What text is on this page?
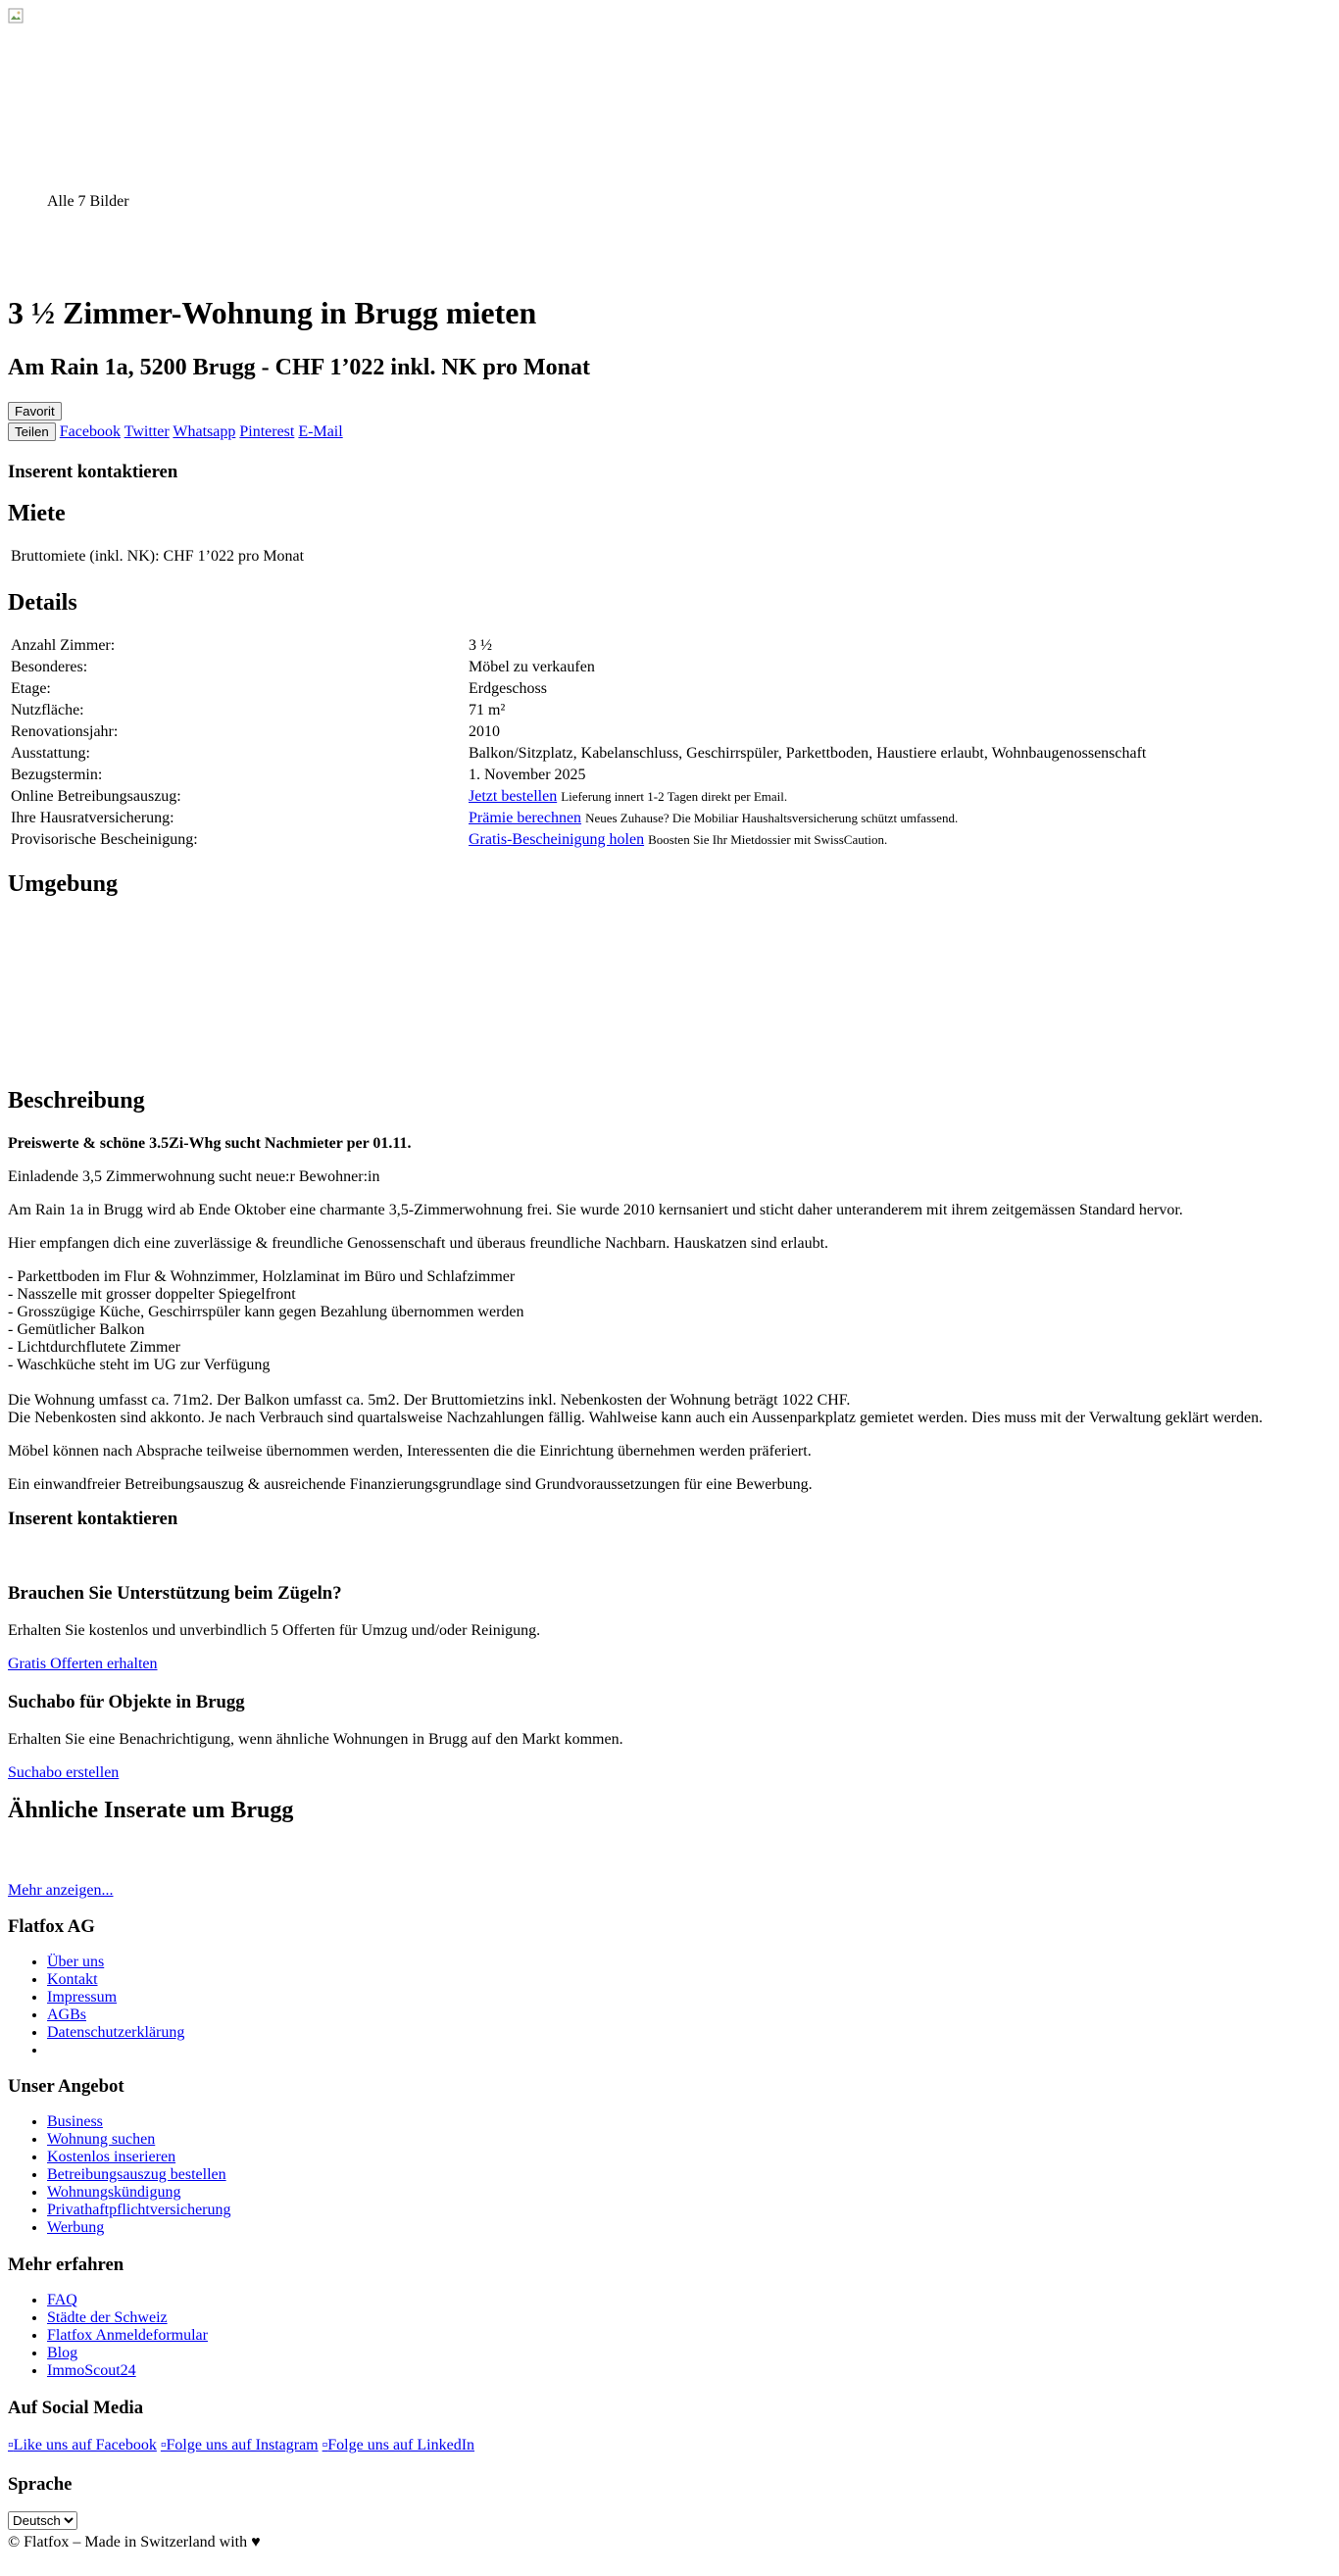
Alle 7 Bilder
3 ½ Zimmer-Wohnung in Brugg mieten
Am Rain 1a, 5200 Brugg - CHF 1’022 inkl. NK pro Monat
Favorit
Teilen Facebook Twitter Whatsapp Pinterest E-Mail
Inserent kontaktieren
Miete
Bruttomiete (inkl. NK):	CHF 1’022 pro Monat
Details
Anzahl Zimmer:	3 ½
Besonderes:	Möbel zu verkaufen
Etage:	Erdgeschoss
Nutzfläche:	71 m²
Renovationsjahr:	2010
Ausstattung:	Balkon/Sitzplatz, Kabelanschluss, Geschirrspüler, Parkettboden, Haustiere erlaubt, Wohnbaugenossenschaft
Bezugstermin:	1. November 2025
Online Betreibungsauszug:	Jetzt bestellen Lieferung innert 1-2 Tagen direkt per Email.
Ihre Hausratversicherung:	Prämie berechnen Neues Zuhause? Die Mobiliar Haushaltsversicherung schützt umfassend.
Provisorische Bescheinigung:	Gratis-Bescheinigung holen Boosten Sie Ihr Mietdossier mit SwissCaution.
Umgebung
Beschreibung

Preiswerte & schöne 3.5Zi-Whg sucht Nachmieter per 01.11.

Einladende 3,5 Zimmerwohnung sucht neue:r Bewohner:in

Am Rain 1a in Brugg wird ab Ende Oktober eine charmante 3,5-Zimmerwohnung frei. Sie wurde 2010 kernsaniert und sticht daher unteranderem mit ihrem zeitgemässen Standard hervor.

Hier empfangen dich eine zuverlässige & freundliche Genossenschaft und überaus freundliche Nachbarn. Hauskatzen sind erlaubt.

- Parkettboden im Flur & Wohnzimmer, Holzlaminat im Büro und Schlafzimmer
- Nasszelle mit grosser doppelter Spiegelfront
- Grosszügige Küche, Geschirrspüler kann gegen Bezahlung übernommen werden
- Gemütlicher Balkon
- Lichtdurchflutete Zimmer
- Waschküche steht im UG zur Verfügung
Die Wohnung umfasst ca. 71m2. Der Balkon umfasst ca. 5m2. Der Bruttomietzins inkl. Nebenkosten der Wohnung beträgt 1022 CHF.
Die Nebenkosten sind akkonto. Je nach Verbrauch sind quartalsweise Nachzahlungen fällig. Wahlweise kann auch ein Aussenparkplatz gemietet werden. Dies muss mit der Verwaltung geklärt werden.

Möbel können nach Absprache teilweise übernommen werden, Interessenten die die Einrichtung übernehmen werden präferiert.

Ein einwandfreier Betreibungsauszug & ausreichende Finanzierungsgrundlage sind Grundvoraussetzungen für eine Bewerbung.

Inserent kontaktieren
Brauchen Sie Unterstützung beim Zügeln?

Erhalten Sie kostenlos und unverbindlich 5 Offerten für Umzug und/oder Reinigung.

Gratis Offerten erhalten
Suchabo für Objekte in Brugg

Erhalten Sie eine Benachrichtigung, wenn ähnliche Wohnungen in Brugg auf den Markt kommen.

Suchabo erstellen
Ähnliche Inserate um Brugg
Mehr anzeigen...
Flatfox AG
• Über uns
• Kontakt
• Impressum
• AGBs
• Datenschutzerklärung
•
Unser Angebot
• Business
• Wohnung suchen
• Kostenlos inserieren
• Betreibungsauszug bestellen
• Wohnungskündigung
• Privathaftpflichtversicherung
• Werbung
Mehr erfahren
• FAQ
• Städte der Schweiz
• Flatfox Anmeldeformular
• Blog
• ImmoScout24
Auf Social Media
▫Like uns auf Facebook ▫Folge uns auf Instagram ▫Folge uns auf LinkedIn
Sprache
Deutsch
© Flatfox – Made in Switzerland with ♥
